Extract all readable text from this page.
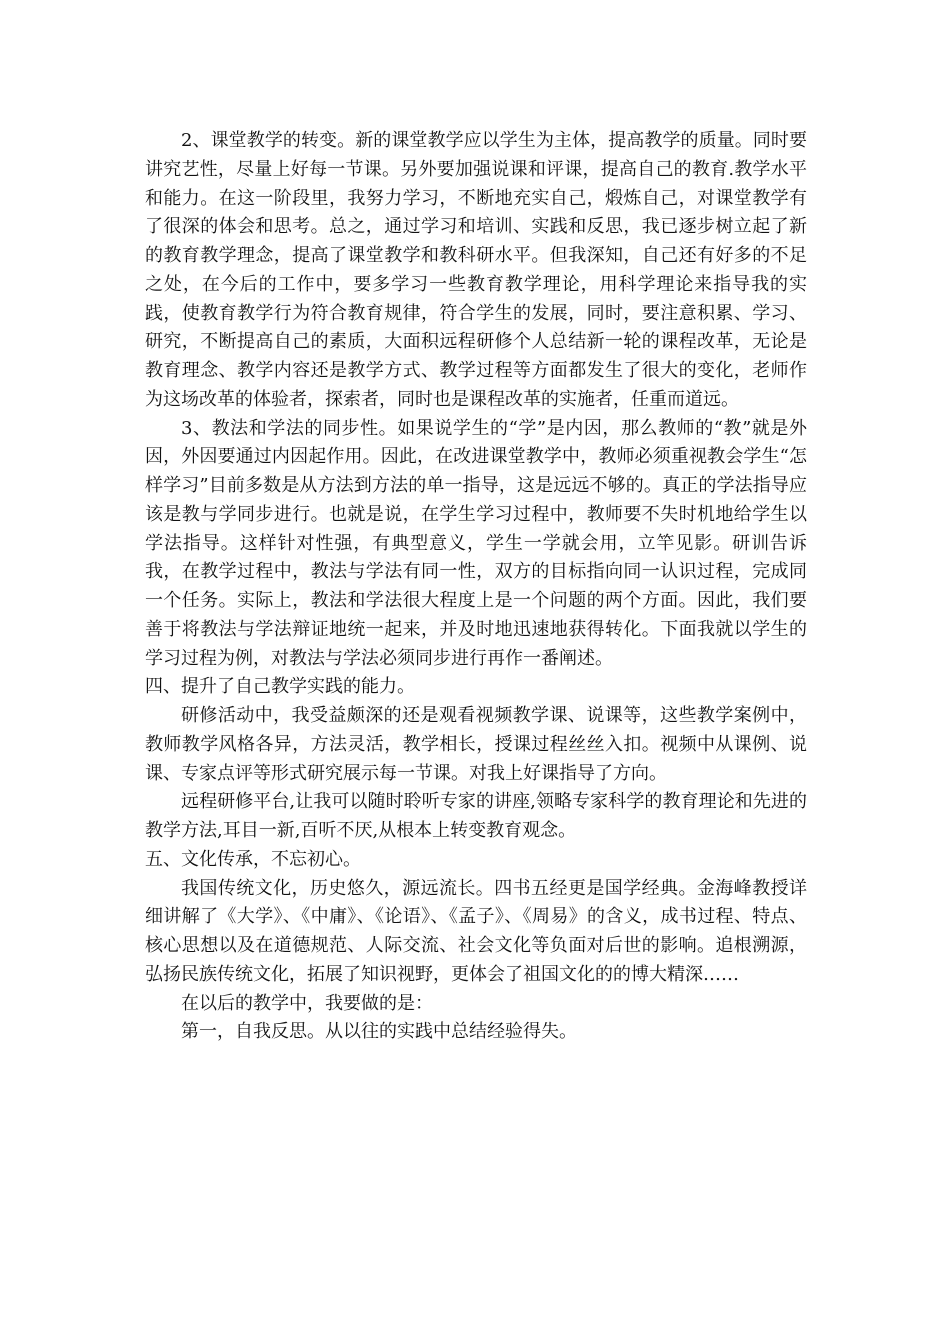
2、课堂教学的转变。新的课堂教学应以学生为主体，提高教学的质量。同时要讲究艺性，尽量上好每一节课。另外要加强说课和评课，提高自己的教育.教学水平和能力。在这一阶段里，我努力学习，不断地充实自己，煅炼自己，对课堂教学有了很深的体会和思考。总之，通过学习和培训、实践和反思，我已逐步树立起了新的教育教学理念，提高了课堂教学和教科研水平。但我深知，自己还有好多的不足之处，在今后的工作中，要多学习一些教育教学理论，用科学理论来指导我的实践，使教育教学行为符合教育规律，符合学生的发展，同时，要注意积累、学习、研究，不断提高自己的素质，大面积远程研修个人总结新一轮的课程改革，无论是教育理念、教学内容还是教学方式、教学过程等方面都发生了很大的变化，老师作为这场改革的体验者，探索者，同时也是课程改革的实施者，任重而道远。

3、教法和学法的同步性。如果说学生的“学”是内因，那么教师的“教”就是外因，外因要通过内因起作用。因此，在改进课堂教学中，教师必须重视教会学生“怎样学习”目前多数是从方法到方法的单一指导，这是远远不够的。真正的学法指导应该是教与学同步进行。也就是说，在学生学习过程中，教师要不失时机地给学生以学法指导。这样针对性强，有典型意义，学生一学就会用，立竿见影。研训告诉我，在教学过程中，教法与学法有同一性，双方的目标指向同一认识过程，完成同一个任务。实际上，教法和学法很大程度上是一个问题的两个方面。因此，我们要善于将教法与学法辩证地统一起来，并及时地迅速地获得转化。下面我就以学生的学习过程为例，对教法与学法必须同步进行再作一番阐述。

四、提升了自己教学实践的能力。

研修活动中，我受益颇深的还是观看视频教学课、说课等，这些教学案例中，教师教学风格各异，方法灵活，教学相长，授课过程丝丝入扣。视频中从课例、说课、专家点评等形式研究展示每一节课。对我上好课指导了方向。

远程研修平台,让我可以随时聆听专家的讲座,领略专家科学的教育理论和先进的教学方法,耳目一新,百听不厌,从根本上转变教育观念。

五、文化传承，不忘初心。

我国传统文化，历史悠久，源远流长。四书五经更是国学经典。金海峰教授详细讲解了《大学》、《中庸》、《论语》、《孟子》、《周易》的含义，成书过程、特点、核心思想以及在道德规范、人际交流、社会文化等负面对后世的影响。追根溯源，弘扬民族传统文化，拓展了知识视野，更体会了祖国文化的的博大精深……

在以后的教学中，我要做的是：

第一，自我反思。从以往的实践中总结经验得失。
